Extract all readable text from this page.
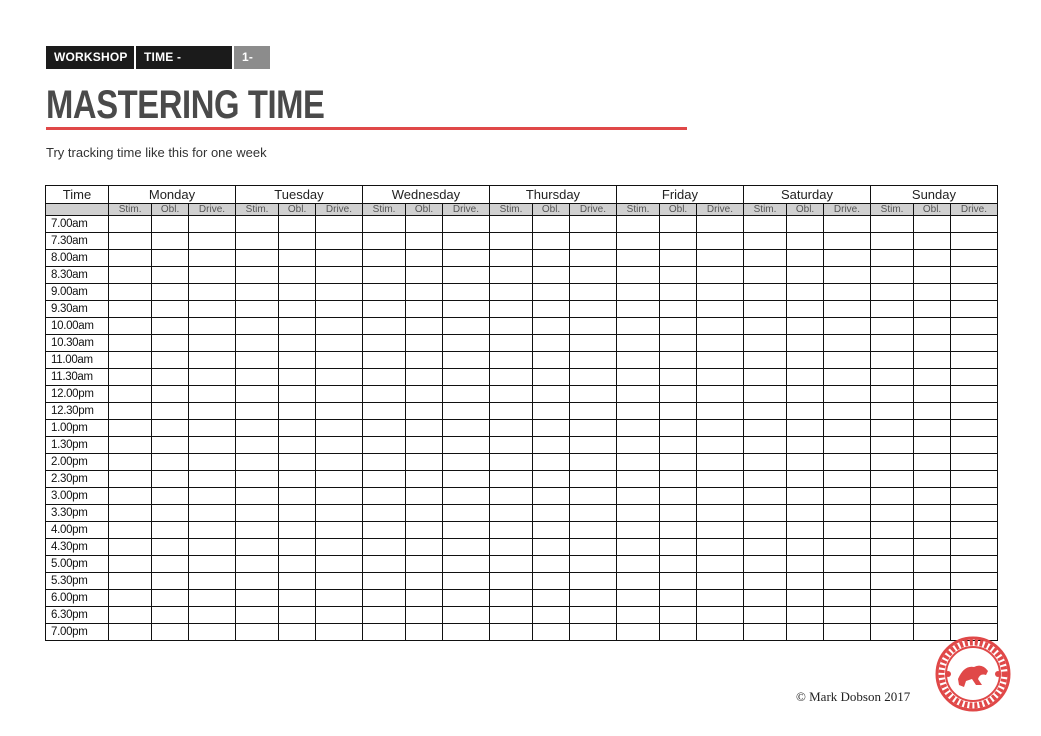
WORKSHOP 1
TIME - MODEL 3
1-10
MASTERING TIME
Try tracking time like this for one week
Time	Monday			Tuesday			Wednesday			Thursday			Friday			Saturday			Sunday		
	Stim.	Obl.	Drive.	Stim.	Obl.	Drive.	Stim.	Obl.	Drive.	Stim.	Obl.	Drive.	Stim.	Obl.	Drive.	Stim.	Obl.	Drive.	Stim.	Obl.	Drive.
7.00am																					
7.30am																					
8.00am																					
8.30am																					
9.00am																					
9.30am																					
10.00am																					
10.30am																					
11.00am																					
11.30am																					
12.00pm																					
12.30pm																					
1.00pm																					
1.30pm																					
2.00pm																					
2.30pm																					
3.00pm																					
3.30pm																					
4.00pm																					
4.30pm																					
5.00pm																					
5.30pm																					
6.00pm																					
6.30pm																					
7.00pm																					
© Mark Dobson 2017
